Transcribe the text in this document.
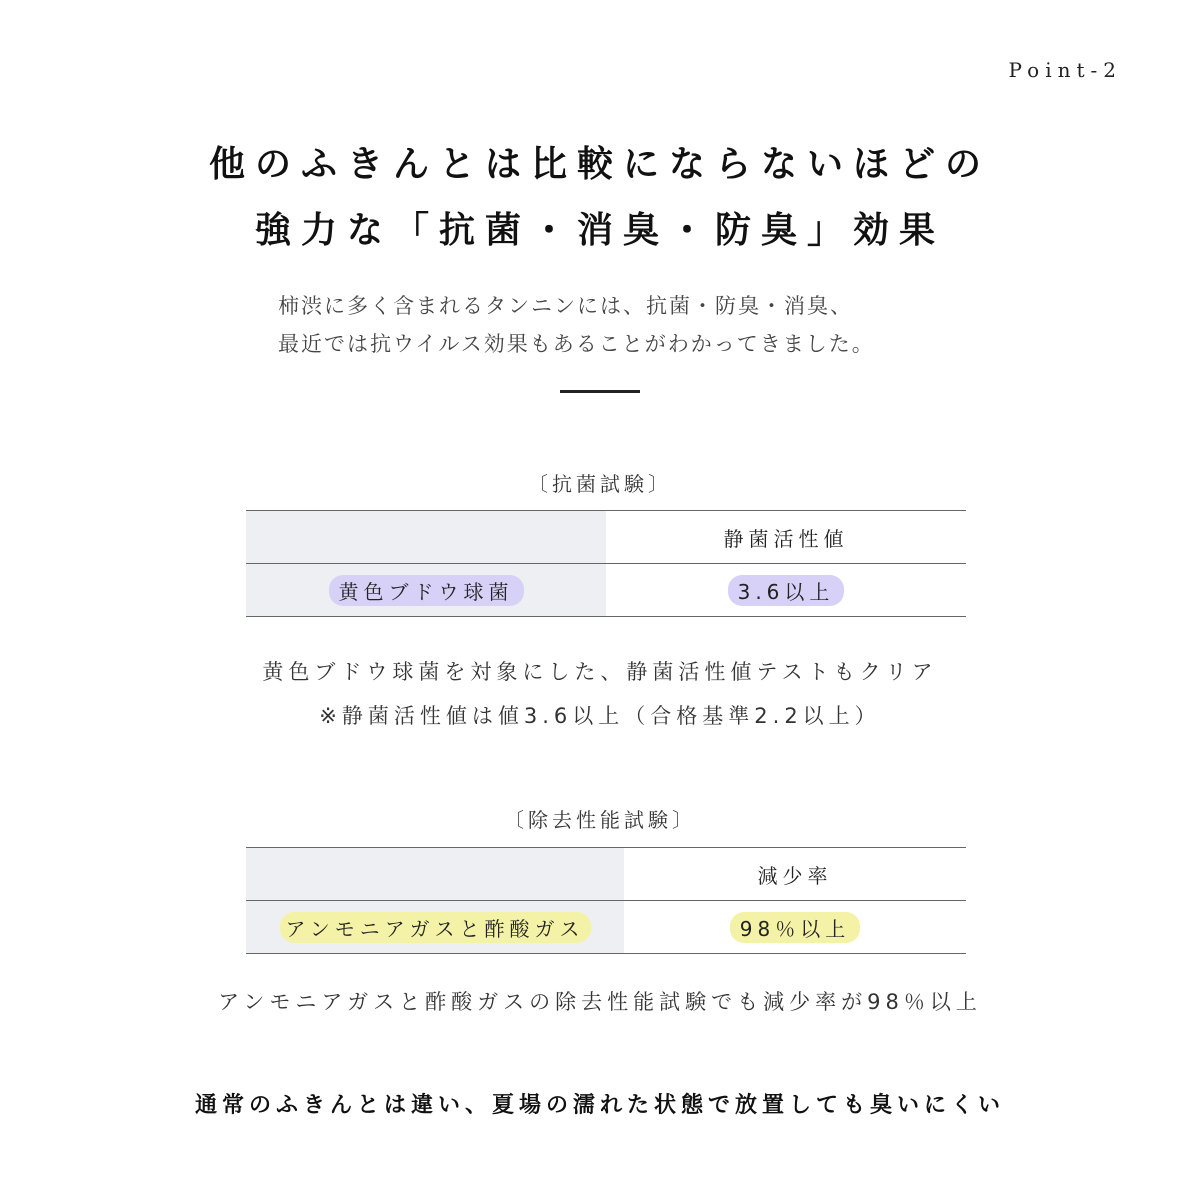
Point-2
他のふきんとは比較にならないほどの
強力な「抗菌・消臭・防臭」効果
柿渋に多く含まれるタンニンには、抗菌・防臭・消臭、
最近では抗ウイルス効果もあることがわかってきました。
〔抗菌試験〕
静菌活性値
黄色ブドウ球菌	3.6以上
黄色ブドウ球菌を対象にした、静菌活性値テストもクリア
※静菌活性値は値3.6以上（合格基準2.2以上）
〔除去性能試験〕
減少率
アンモニアガスと酢酸ガス	98％以上
アンモニアガスと酢酸ガスの除去性能試験でも減少率が98％以上
通常のふきんとは違い、夏場の濡れた状態で放置しても臭いにくい
